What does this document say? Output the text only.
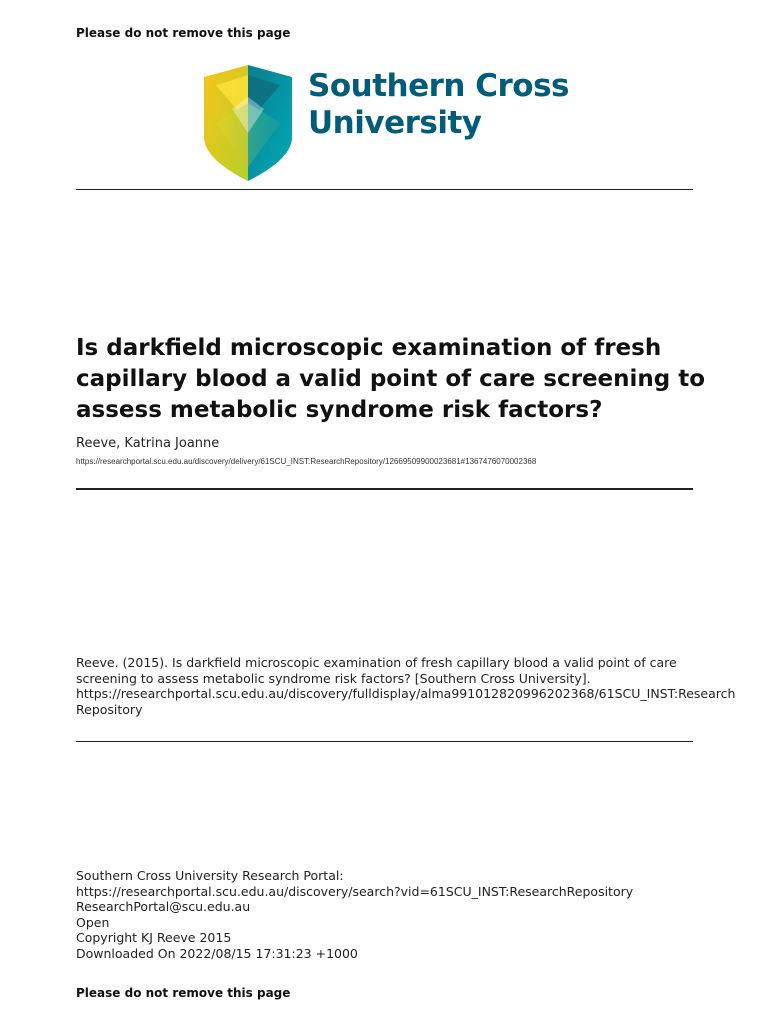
Please do not remove this page
Southern Cross
University
Is darkfield microscopic examination of fresh capillary blood a valid point of care screening to assess metabolic syndrome risk factors?
Reeve, Katrina Joanne
https://researchportal.scu.edu.au/discovery/delivery/61SCU_INST:ResearchRepository/12669509900023681#1367476070002368
Reeve. (2015). Is darkfield microscopic examination of fresh capillary blood a valid point of care screening to assess metabolic syndrome risk factors? [Southern Cross University]. https://researchportal.scu.edu.au/discovery/fulldisplay/alma991012820996202368/61SCU_INST:Research Repository
Southern Cross University Research Portal:
https://researchportal.scu.edu.au/discovery/search?vid=61SCU_INST:ResearchRepository
ResearchPortal@scu.edu.au
Open
Copyright KJ Reeve 2015
Downloaded On 2022/08/15 17:31:23 +1000
Please do not remove this page
